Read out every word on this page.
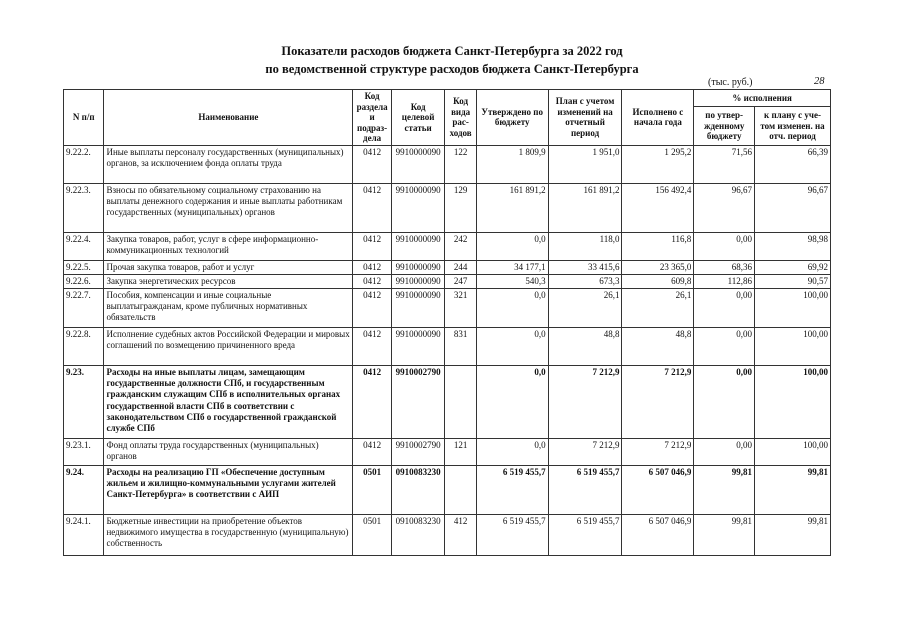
Показатели расходов бюджета Санкт-Петербурга за 2022 год
по ведомственной структуре расходов бюджета Санкт-Петербурга
(тыс. руб.)	28
N п/п	Наименование	Код раздела и подраз- дела	Код целевой статьи	Код вида рас- ходов	Утверждено по бюджету	План с учетом изменений на отчетный период	Исполнено с начала года	% исполнения	
								по утвер- жденному бюджету	к плану с уче- том изменен. на отч. период
9.22.2.	Иные выплаты персоналу государственных (муниципальных) органов, за исключением фонда оплаты труда	0412	9910000090	122	1 809,9	1 951,0	1 295,2	71,56	66,39
9.22.3.	Взносы по обязательному социальному страхованию на выплаты денежного содержания и иные выплаты работникам государственных (муниципальных) органов	0412	9910000090	129	161 891,2	161 891,2	156 492,4	96,67	96,67
9.22.4.	Закупка товаров, работ, услуг в сфере информационно-коммуникационных технологий	0412	9910000090	242	0,0	118,0	116,8	0,00	98,98
9.22.5.	Прочая закупка товаров, работ и услуг	0412	9910000090	244	34 177,1	33 415,6	23 365,0	68,36	69,92
9.22.6.	Закупка энергетических ресурсов	0412	9910000090	247	540,3	673,3	609,8	112,86	90,57
9.22.7.	Пособия, компенсации и иные социальные выплатыгражданам, кроме публичных нормативных обязательств	0412	9910000090	321	0,0	26,1	26,1	0,00	100,00
9.22.8.	Исполнение судебных актов Российской Федерации и мировых соглашений по возмещению причиненного вреда	0412	9910000090	831	0,0	48,8	48,8	0,00	100,00
9.23.	Расходы на иные выплаты лицам, замещающим государственные должности СПб, и государственным гражданским служащим СПб в исполнительных органах государственной власти СПб в соответствии с законодательством СПб о государственной гражданской службе СПб	0412	9910002790		0,0	7 212,9	7 212,9	0,00	100,00
9.23.1.	Фонд оплаты труда государственных (муниципальных) органов	0412	9910002790	121	0,0	7 212,9	7 212,9	0,00	100,00
9.24.	Расходы на реализацию ГП «Обеспечение доступным жильем и жилищно-коммунальными услугами жителей Санкт-Петербурга» в соответствии с АИП	0501	0910083230		6 519 455,7	6 519 455,7	6 507 046,9	99,81	99,81
9.24.1.	Бюджетные инвестиции на приобретение объектов недвижимого имущества в государственную (муниципальную) собственность	0501	0910083230	412	6 519 455,7	6 519 455,7	6 507 046,9	99,81	99,81
